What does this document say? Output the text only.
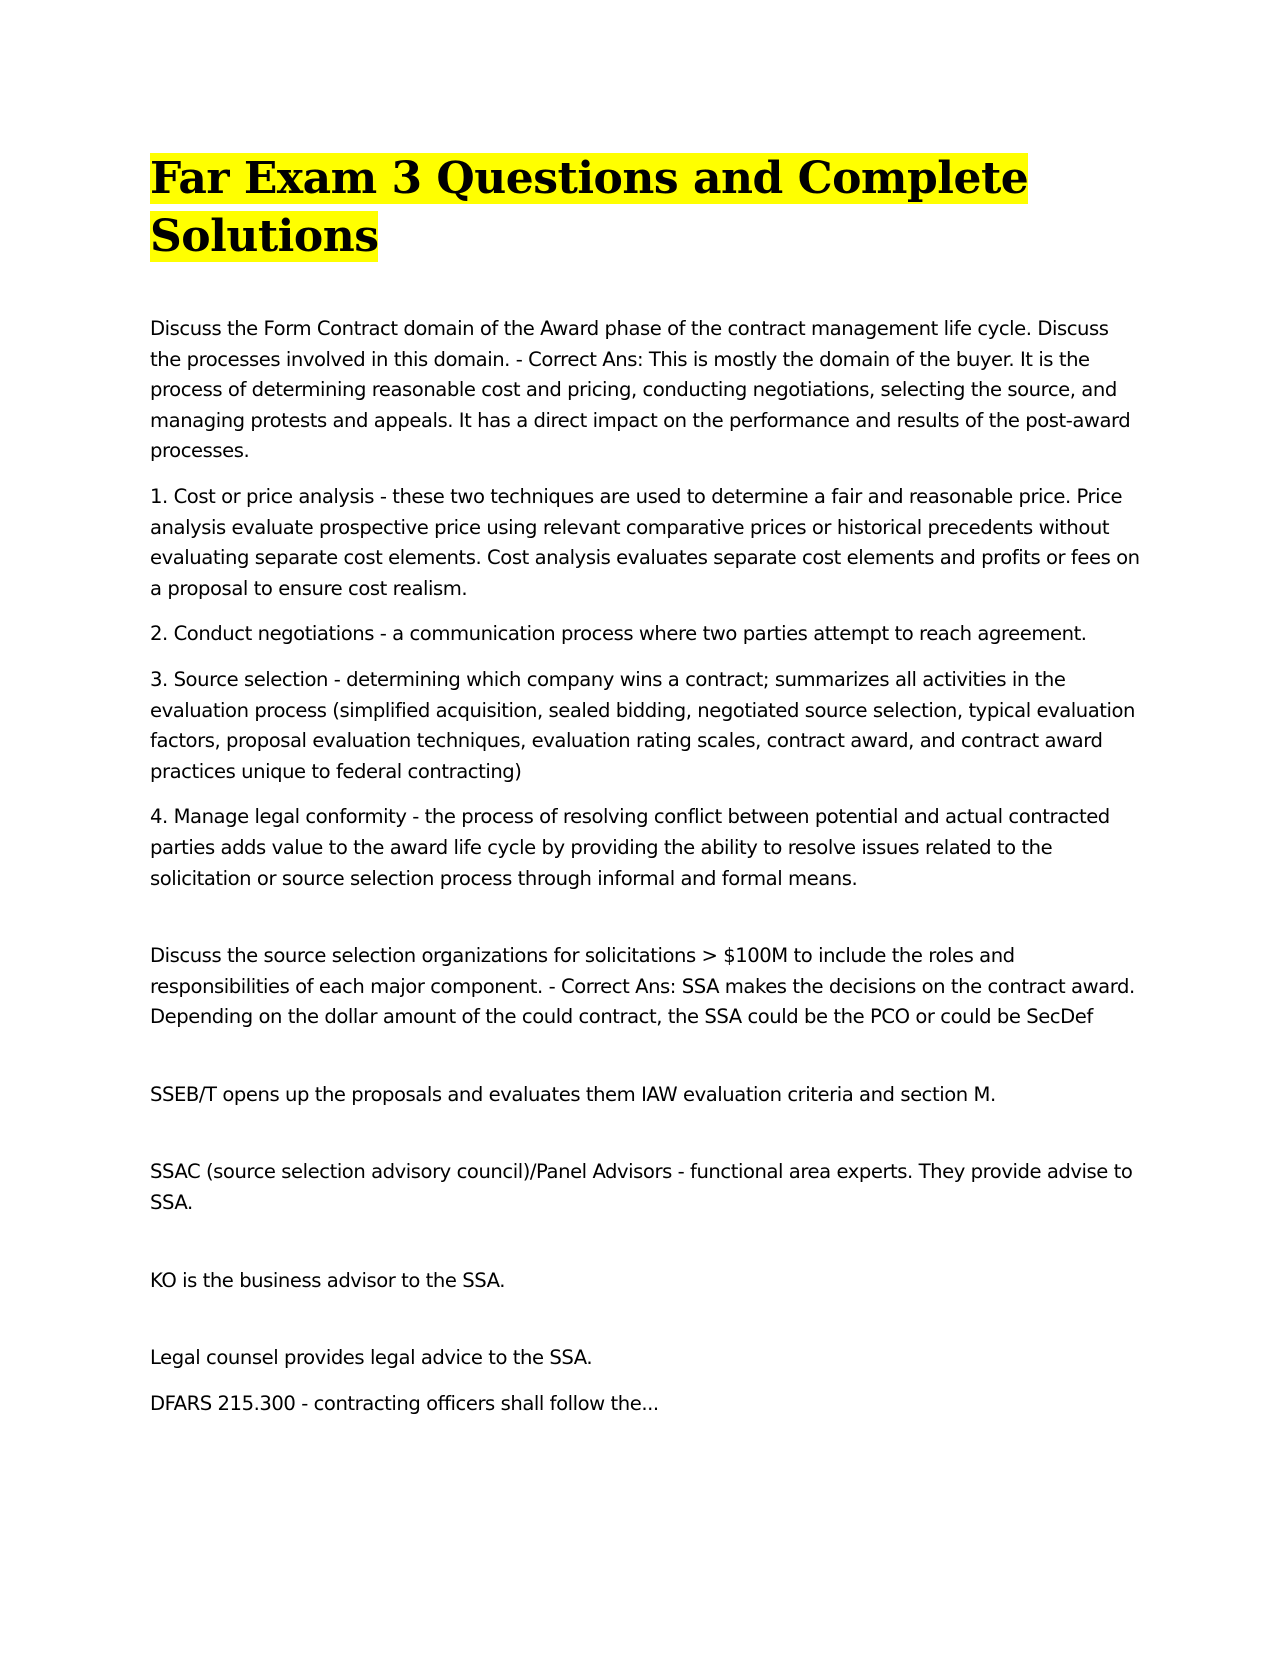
Far Exam 3 Questions and Complete Solutions

Discuss the Form Contract domain of the Award phase of the contract management life cycle. Discuss the processes involved in this domain. - Correct Ans: This is mostly the domain of the buyer. It is the process of determining reasonable cost and pricing, conducting negotiations, selecting the source, and managing protests and appeals. It has a direct impact on the performance and results of the post-award processes.

1. Cost or price analysis - these two techniques are used to determine a fair and reasonable price. Price analysis evaluate prospective price using relevant comparative prices or historical precedents without evaluating separate cost elements. Cost analysis evaluates separate cost elements and profits or fees on a proposal to ensure cost realism.

2. Conduct negotiations - a communication process where two parties attempt to reach agreement.

3. Source selection - determining which company wins a contract; summarizes all activities in the evaluation process (simplified acquisition, sealed bidding, negotiated source selection, typical evaluation factors, proposal evaluation techniques, evaluation rating scales, contract award, and contract award practices unique to federal contracting)

4. Manage legal conformity - the process of resolving conflict between potential and actual contracted parties adds value to the award life cycle by providing the ability to resolve issues related to the solicitation or source selection process through informal and formal means.

Discuss the source selection organizations for solicitations > $100M to include the roles and responsibilities of each major component. - Correct Ans: SSA makes the decisions on the contract award. Depending on the dollar amount of the could contract, the SSA could be the PCO or could be SecDef

SSEB/T opens up the proposals and evaluates them IAW evaluation criteria and section M.

SSAC (source selection advisory council)/Panel Advisors - functional area experts. They provide advise to SSA.

KO is the business advisor to the SSA.

Legal counsel provides legal advice to the SSA.

DFARS 215.300 - contracting officers shall follow the...
